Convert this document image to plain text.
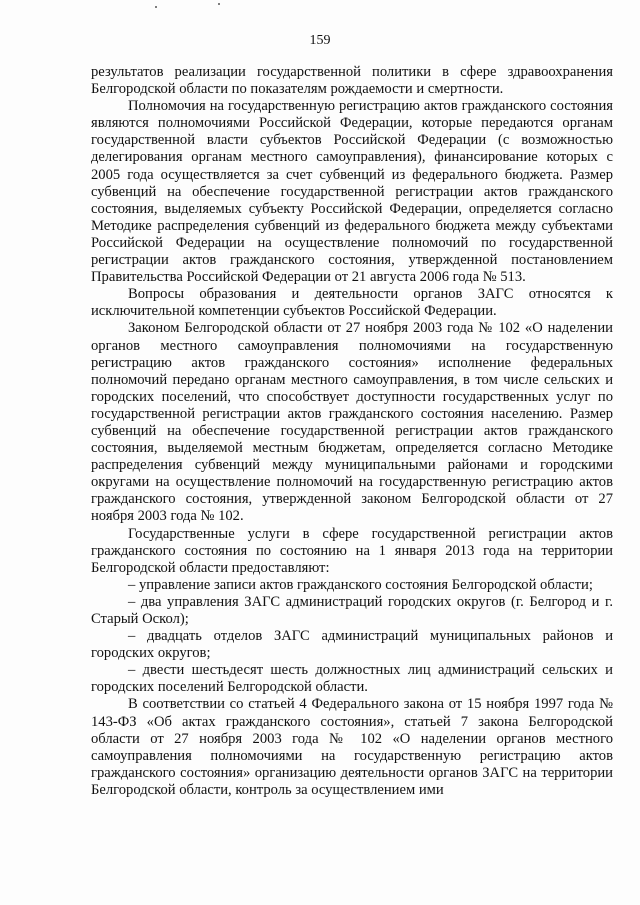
159

результатов реализации государственной политики в сфере здравоохранения Белгородской области по показателям рождаемости и смертности.

Полномочия на государственную регистрацию актов гражданского состояния являются полномочиями Российской Федерации, которые передаются органам государственной власти субъектов Российской Федерации (с возможностью делегирования органам местного самоуправления), финансирование которых с 2005 года осуществляется за счет субвенций из федерального бюджета. Размер субвенций на обеспечение государственной регистрации актов гражданского состояния, выделяемых субъекту Российской Федерации, определяется согласно Методике распределения субвенций из федерального бюджета между субъектами Российской Федерации на осуществление полномочий по государственной регистрации актов гражданского состояния, утвержденной постановлением Правительства Российской Федерации от 21 августа 2006 года № 513.

Вопросы образования и деятельности органов ЗАГС относятся к исключительной компетенции субъектов Российской Федерации.

Законом Белгородской области от 27 ноября 2003 года № 102 «О наделении органов местного самоуправления полномочиями на государственную регистрацию актов гражданского состояния» исполнение федеральных полномочий передано органам местного самоуправления, в том числе сельских и городских поселений, что способствует доступности государственных услуг по государственной регистрации актов гражданского состояния населению. Размер субвенций на обеспечение государственной регистрации актов гражданского состояния, выделяемой местным бюджетам, определяется согласно Методике распределения субвенций между муниципальными районами и городскими округами на осуществление полномочий на государственную регистрацию актов гражданского состояния, утвержденной законом Белгородской области от 27 ноября 2003 года № 102.

Государственные услуги в сфере государственной регистрации актов гражданского состояния по состоянию на 1 января 2013 года на территории Белгородской области предоставляют:

– управление записи актов гражданского состояния Белгородской области;

– два управления ЗАГС администраций городских округов (г. Белгород и г. Старый Оскол);

– двадцать отделов ЗАГС администраций муниципальных районов и городских округов;

– двести шестьдесят шесть должностных лиц администраций сельских и городских поселений Белгородской области.

В соответствии со статьей 4 Федерального закона от 15 ноября 1997 года № 143-ФЗ «Об актах гражданского состояния», статьей 7 закона Белгородской области от 27 ноября 2003 года № 102 «О наделении органов местного самоуправления полномочиями на государственную регистрацию актов гражданского состояния» организацию деятельности органов ЗАГС на территории Белгородской области, контроль за осуществлением ими
